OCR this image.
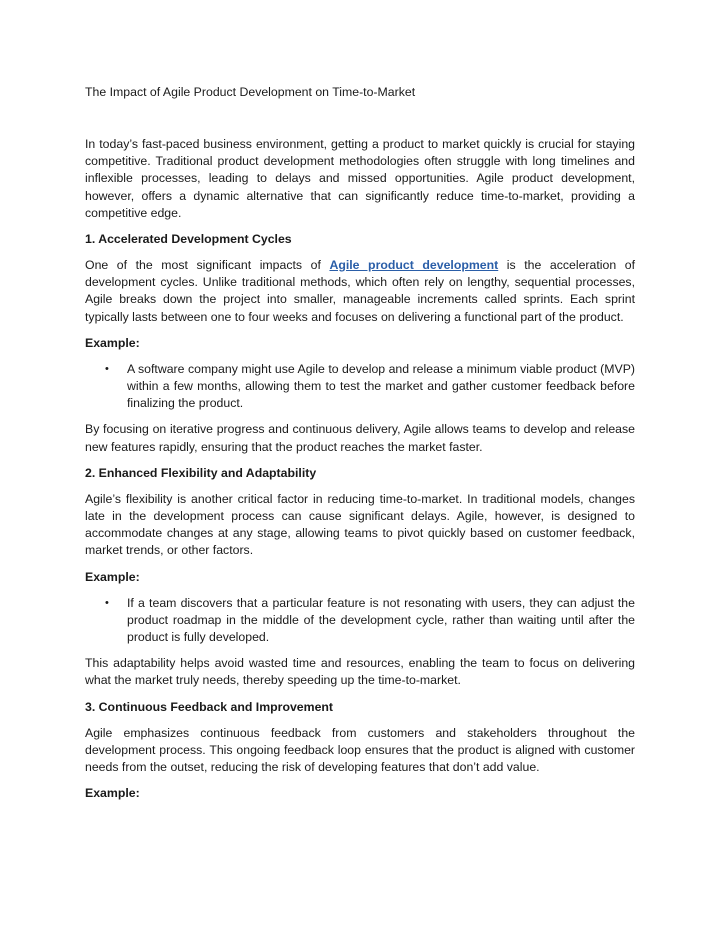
The Impact of Agile Product Development on Time-to-Market

In today’s fast-paced business environment, getting a product to market quickly is crucial for staying competitive. Traditional product development methodologies often struggle with long timelines and inflexible processes, leading to delays and missed opportunities. Agile product development, however, offers a dynamic alternative that can significantly reduce time-to-market, providing a competitive edge.

1. Accelerated Development Cycles

One of the most significant impacts of Agile product development is the acceleration of development cycles. Unlike traditional methods, which often rely on lengthy, sequential processes, Agile breaks down the project into smaller, manageable increments called sprints. Each sprint typically lasts between one to four weeks and focuses on delivering a functional part of the product.

Example:
• A software company might use Agile to develop and release a minimum viable product (MVP) within a few months, allowing them to test the market and gather customer feedback before finalizing the product.

By focusing on iterative progress and continuous delivery, Agile allows teams to develop and release new features rapidly, ensuring that the product reaches the market faster.

2. Enhanced Flexibility and Adaptability

Agile’s flexibility is another critical factor in reducing time-to-market. In traditional models, changes late in the development process can cause significant delays. Agile, however, is designed to accommodate changes at any stage, allowing teams to pivot quickly based on customer feedback, market trends, or other factors.

Example:
• If a team discovers that a particular feature is not resonating with users, they can adjust the product roadmap in the middle of the development cycle, rather than waiting until after the product is fully developed.

This adaptability helps avoid wasted time and resources, enabling the team to focus on delivering what the market truly needs, thereby speeding up the time-to-market.

3. Continuous Feedback and Improvement

Agile emphasizes continuous feedback from customers and stakeholders throughout the development process. This ongoing feedback loop ensures that the product is aligned with customer needs from the outset, reducing the risk of developing features that don’t add value.

Example:
